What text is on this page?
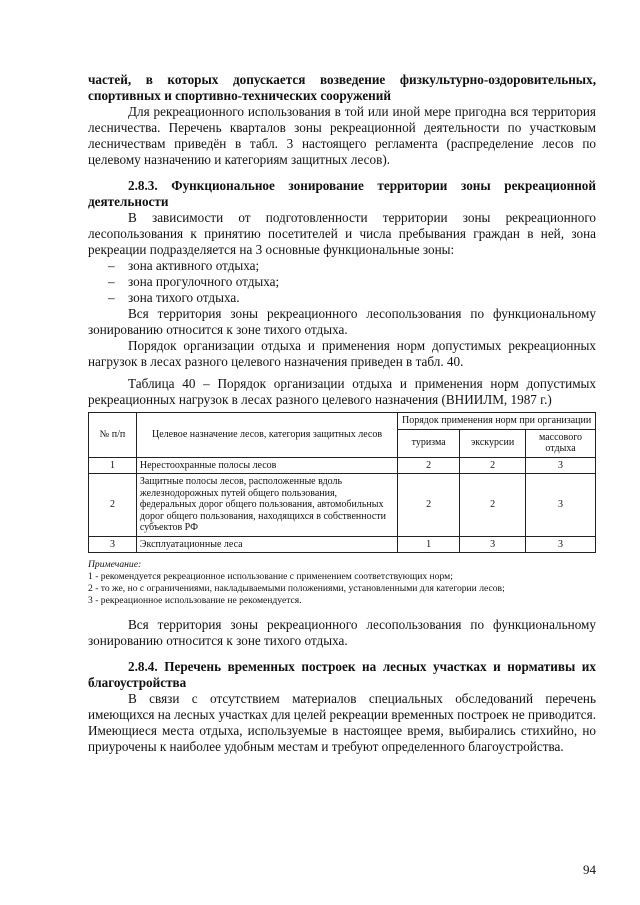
частей, в которых допускается возведение физкультурно-оздоровительных, спортивных и спортивно-технических сооружений

Для рекреационного использования в той или иной мере пригодна вся территория лесничества. Перечень кварталов зоны рекреационной деятельности по участковым лесничествам приведён в табл. 3 настоящего регламента (распределение лесов по целевому назначению и категориям защитных лесов).

2.8.3. Функциональное зонирование территории зоны рекреационной деятельности

В зависимости от подготовленности территории зоны рекреационного лесопользования к принятию посетителей и числа пребывания граждан в ней, зона рекреации подразделяется на 3 основные функциональные зоны:

– зона активного отдыха;
– зона прогулочного отдыха;
– зона тихого отдыха.

Вся территория зоны рекреационного лесопользования по функциональному зонированию относится к зоне тихого отдыха.

Порядок организации отдыха и применения норм допустимых рекреационных нагрузок в лесах разного целевого назначения приведен в табл. 40.

Таблица 40 – Порядок организации отдыха и применения норм допустимых рекреационных нагрузок в лесах разного целевого назначения (ВНИИЛМ, 1987 г.)

№ п/п	Целевое назначение лесов, категория защитных лесов	Порядок применения норм при организации		
		туризма	экскурсии	массового отдыха
1	Нерестоохранные полосы лесов	2	2	3
2	Защитные полосы лесов, расположенные вдоль железнодорожных путей общего пользования, федеральных дорог общего пользования, автомобильных дорог общего пользования, находящихся в собственности субъектов РФ	2	2	3
3	Эксплуатационные леса	1	3	3
Примечание:
1 - рекомендуется рекреационное использование с применением соответствующих норм;
2 - то же, но с ограничениями, накладываемыми положениями, установленными для категории лесов;
3 - рекреационное использование не рекомендуется.

Вся территория зоны рекреационного лесопользования по функциональному зонированию относится к зоне тихого отдыха.

2.8.4. Перечень временных построек на лесных участках и нормативы их благоустройства

В связи с отсутствием материалов специальных обследований перечень имеющихся на лесных участках для целей рекреации временных построек не приводится. Имеющиеся места отдыха, используемые в настоящее время, выбирались стихийно, но приурочены к наиболее удобным местам и требуют определенного благоустройства.

94
